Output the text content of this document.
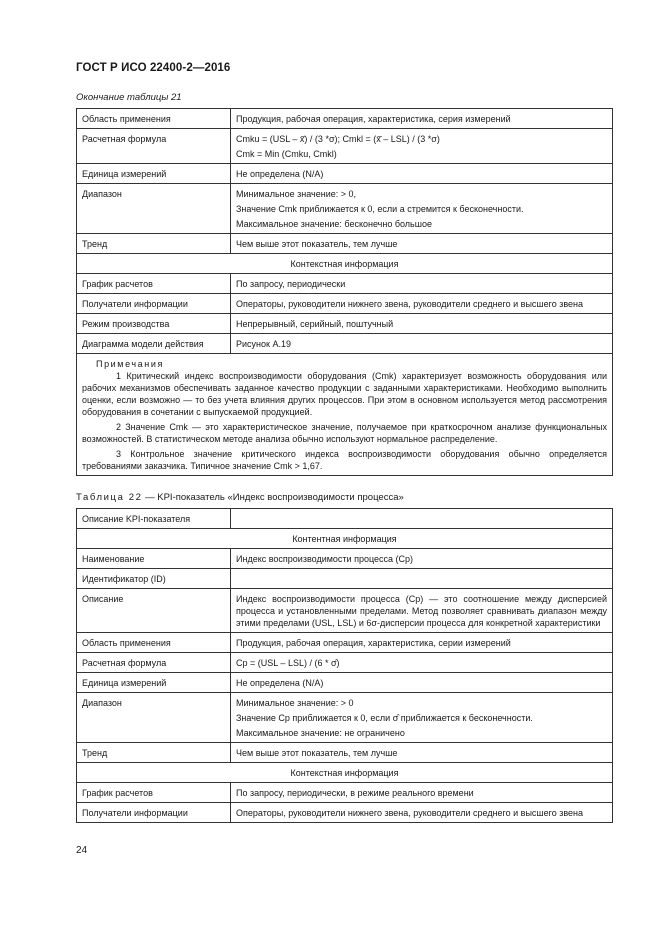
ГОСТ Р ИСО 22400-2—2016
Окончание таблицы 21
Область применения	Продукция, рабочая операция, характеристика, серия измерений
Расчетная формула	Cmku = (USL – x̄̄) / (3 *σ); Cmkl = (x̄̄ – LSL) / (3 *σ)
Cmk = Min (Cmku, Cmkl)

Единица измерений	Не определена (N/A)
Диапазон	Минимальное значение: > 0,
Значение Cmk приближается к 0, если a стремится к бесконечности.
Максимальное значение: бесконечно большое

Тренд	Чем выше этот показатель, тем лучше
Контекстная информация	
График расчетов	По запросу, периодически
Получатели информации	Операторы, руководители нижнего звена, руководители среднего и высшего звена
Режим производства	Непрерывный, серийный, поштучный
Диаграмма модели действия	Рисунок А.19

Примечания
1 Критический индекс воспроизводимости оборудования (Cmk) характеризует возможность оборудования или рабочих механизмов обеспечивать заданное качество продукции с заданными характеристиками. Необходимо выполнить оценки, если возможно — то без учета влияния других процессов. При этом в основном используется метод рассмотрения оборудования в сочетании с выпускаемой продукцией.
2 Значение Cmk — это характеристическое значение, получаемое при краткосрочном анализе функциональных возможностей. В статистическом методе анализа обычно используют нормальное распределение.
3 Контрольное значение критического индекса воспроизводимости оборудования обычно определяется требованиями заказчика. Типичное значение Cmk > 1,67.	
Таблица 22 — KPI-показатель «Индекс воспроизводимости процесса»
Описание KPI-показателя	
Контентная информация	
Наименование	Индекс воспроизводимости процесса (Cp)
Идентификатор (ID)	
Описание	Индекс воспроизводимости процесса (Cp) — это соотношение между дисперсией процесса и установленными пределами. Метод позволяет сравнивать диапазон между этими пределами (USL, LSL) и 6σ-дисперсии процесса для конкретной характеристики
Область применения	Продукция, рабочая операция, характеристика, серии измерений
Расчетная формула	Cp = (USL – LSL) / (6 * σ̂)
Единица измерений	Не определена (N/A)
Диапазон	Минимальное значение: > 0
Значение Cp приближается к 0, если σ̂ приближается к бесконечности.
Максимальное значение: не ограничено

Тренд	Чем выше этот показатель, тем лучше
Контекстная информация	
График расчетов	По запросу, периодически, в режиме реального времени
Получатели информации	Операторы, руководители нижнего звена, руководители среднего и высшего звена
24
